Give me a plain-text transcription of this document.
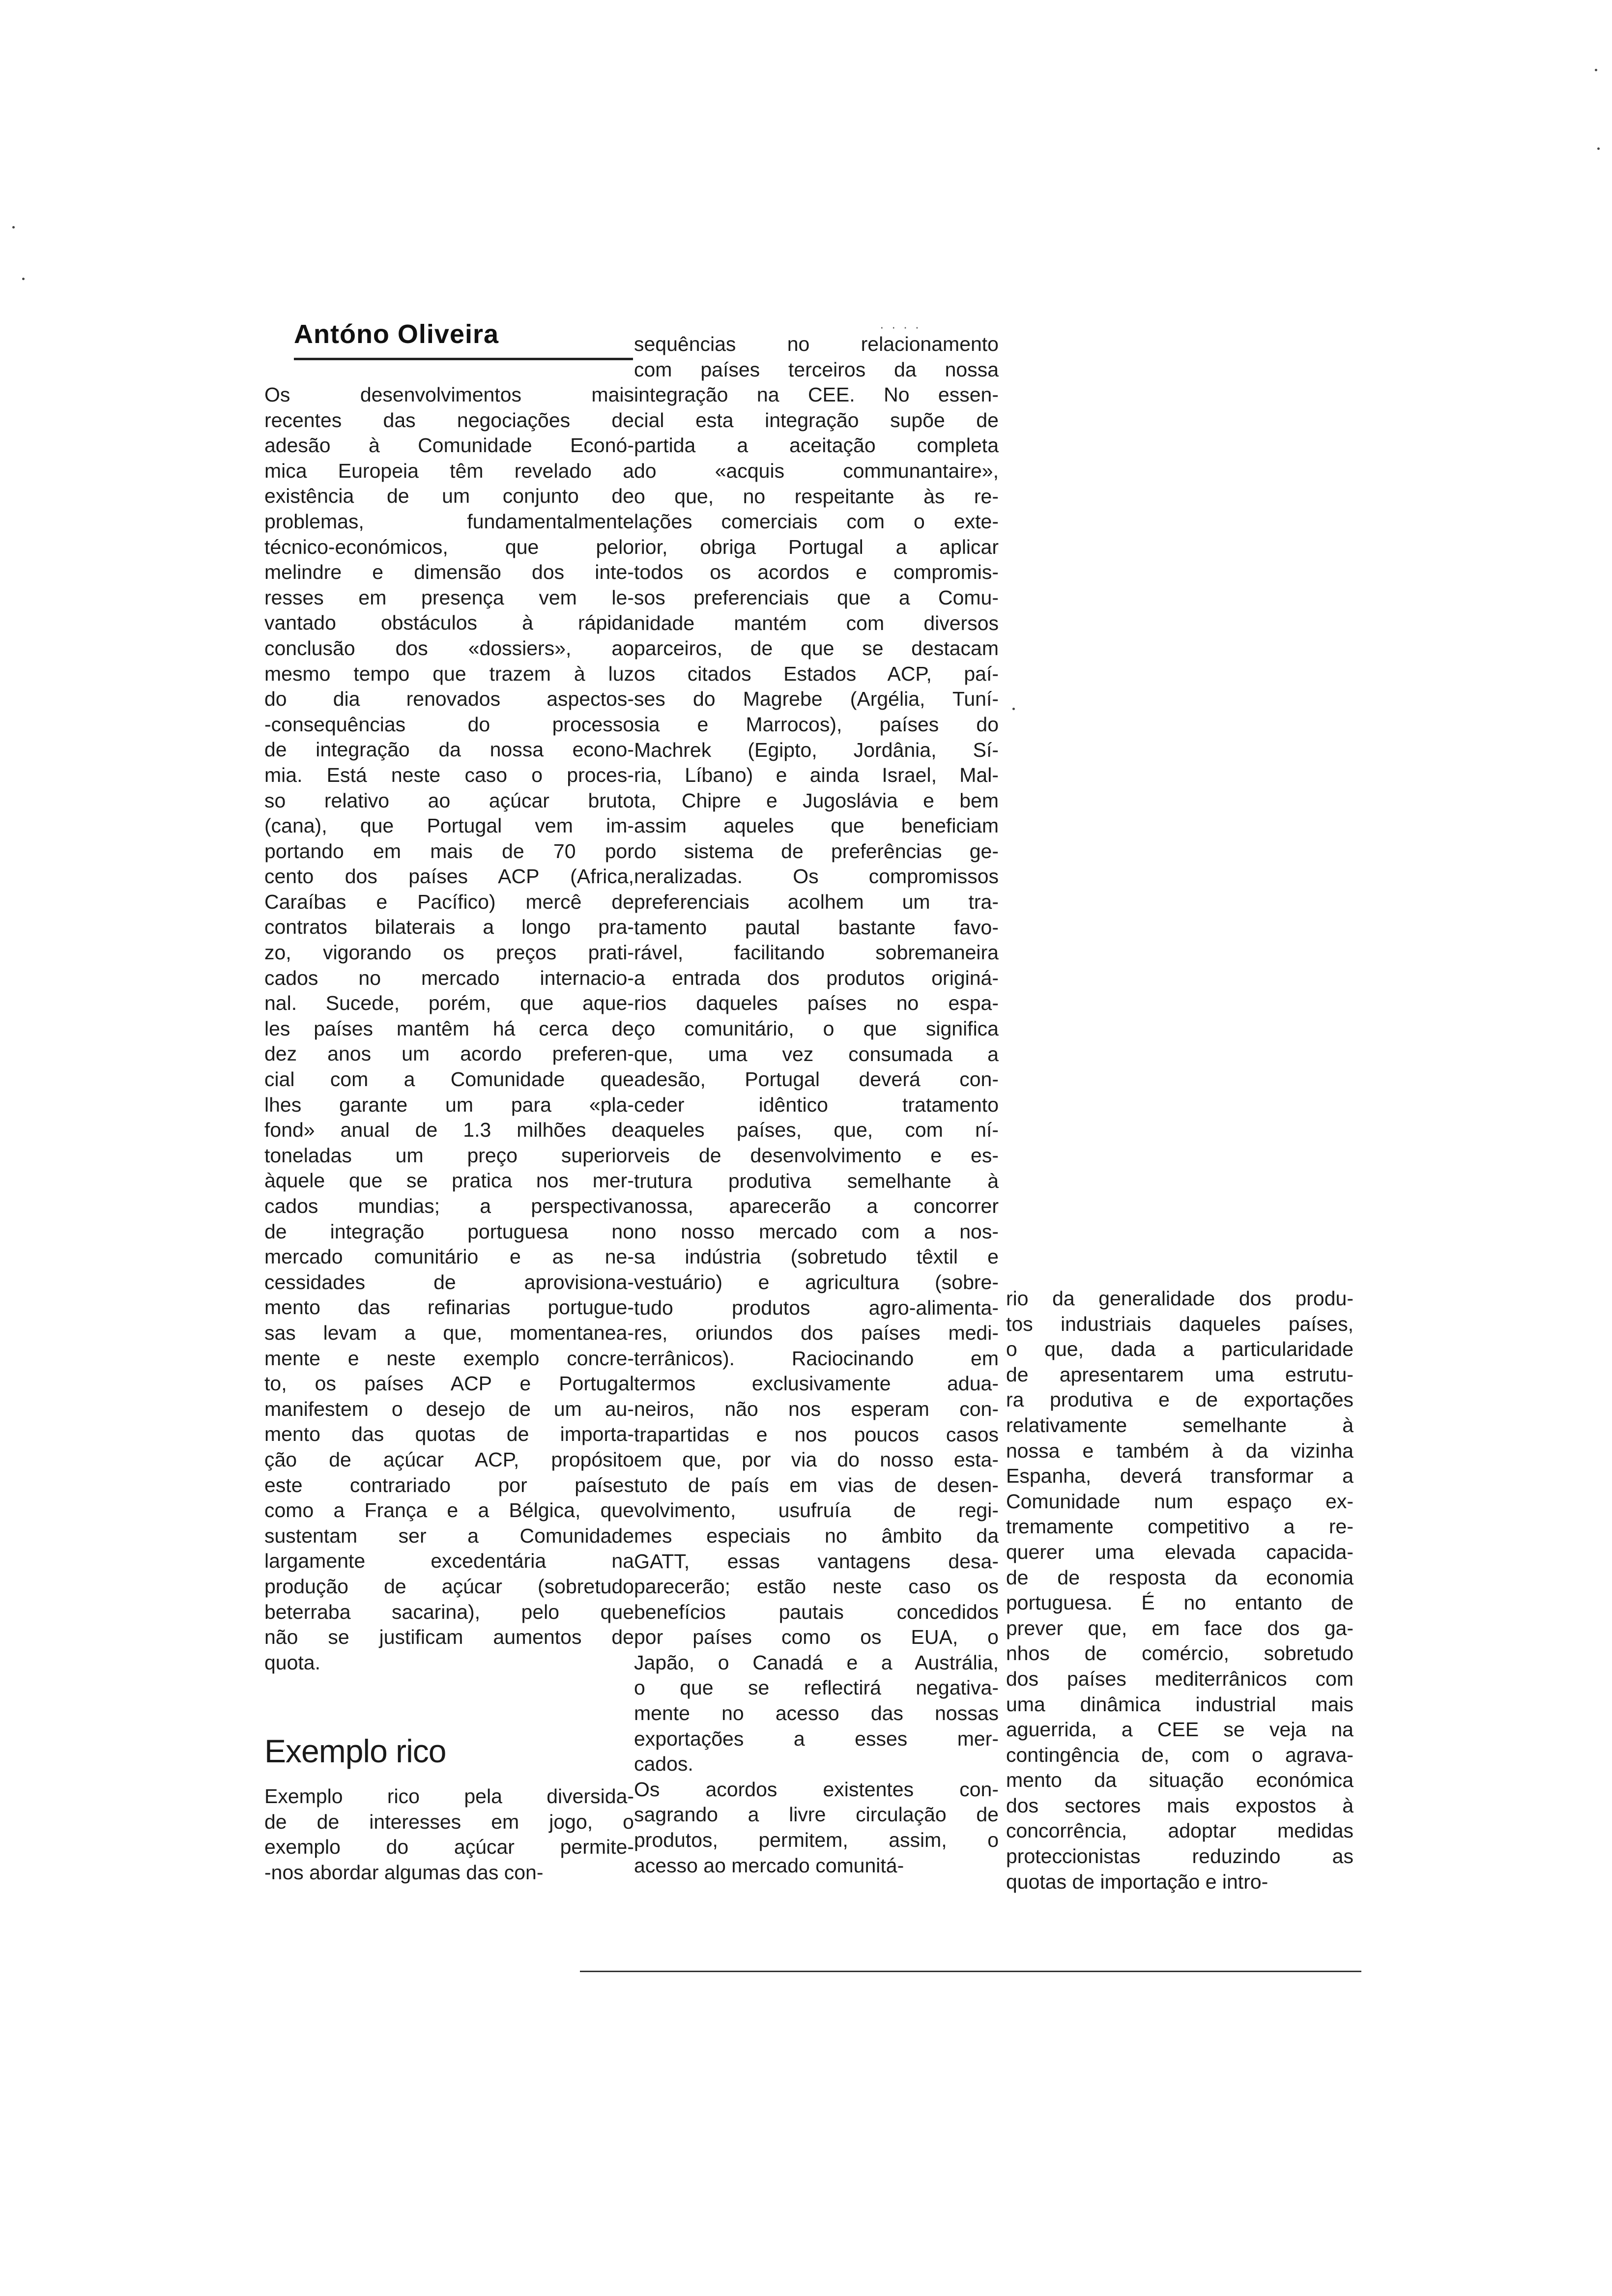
· · · ·
Antóno Oliveira
Os desenvolvimentos mais
recentes das negociações de
adesão à Comunidade Econó-
mica Europeia têm revelado a
existência de um conjunto de
problemas, fundamentalmente
técnico-económicos, que pelo
melindre e dimensão dos inte-
resses em presença vem le-
vantado obstáculos à rápida
conclusão dos «dossiers», ao
mesmo tempo que trazem à luz
do dia renovados aspectos-
-consequências do processo
de integração da nossa econo-
mia. Está neste caso o proces-
so relativo ao açúcar bruto
(cana), que Portugal vem im-
portando em mais de 70 por
cento dos países ACP (Africa,
Caraíbas e Pacífico) mercê de
contratos bilaterais a longo pra-
zo, vigorando os preços prati-
cados no mercado internacio-
nal. Sucede, porém, que aque-
les países mantêm há cerca de
dez anos um acordo preferen-
cial com a Comunidade que
lhes garante um para «pla-
fond» anual de 1.3 milhões de
toneladas um preço superior
àquele que se pratica nos mer-
cados mundias; a perspectiva
de integração portuguesa no
mercado comunitário e as ne-
cessidades de aprovisiona-
mento das refinarias portugue-
sas levam a que, momentanea-
mente e neste exemplo concre-
to, os países ACP e Portugal
manifestem o desejo de um au-
mento das quotas de importa-
ção de açúcar ACP, propósito
este contrariado por países
como a França e a Bélgica, que
sustentam ser a Comunidade
largamente excedentária na
produção de açúcar (sobretudo
beterraba sacarina), pelo que
não se justificam aumentos de
quota.
Exemplo rico
Exemplo rico pela diversida-
de de interesses em jogo, o
exemplo do açúcar permite-
-nos abordar algumas das con-
sequências no relacionamento
com países terceiros da nossa
integração na CEE. No essen-
cial esta integração supõe de
partida a aceitação completa
do «acquis communantaire»,
o que, no respeitante às re-
lações comerciais com o exte-
rior, obriga Portugal a aplicar
todos os acordos e compromis-
sos preferenciais que a Comu-
nidade mantém com diversos
parceiros, de que se destacam
os citados Estados ACP, paí-
ses do Magrebe (Argélia, Tuní-
sia e Marrocos), países do
Machrek (Egipto, Jordânia, Sí-
ria, Líbano) e ainda Israel, Mal-
ta, Chipre e Jugoslávia e bem
assim aqueles que beneficiam
do sistema de preferências ge-
neralizadas. Os compromissos
preferenciais acolhem um tra-
tamento pautal bastante favo-
rável, facilitando sobremaneira
a entrada dos produtos originá-
rios daqueles países no espa-
ço comunitário, o que significa
que, uma vez consumada a
adesão, Portugal deverá con-
ceder idêntico tratamento
aqueles países, que, com ní-
veis de desenvolvimento e es-
trutura produtiva semelhante à
nossa, aparecerão a concorrer
no nosso mercado com a nos-
sa indústria (sobretudo têxtil e
vestuário) e agricultura (sobre-
tudo produtos agro-alimenta-
res, oriundos dos países medi-
terrânicos). Raciocinando em
termos exclusivamente adua-
neiros, não nos esperam con-
trapartidas e nos poucos casos
em que, por via do nosso esta-
tuto de país em vias de desen-
volvimento, usufruía de regi-
mes especiais no âmbito da
GATT, essas vantagens desa-
parecerão; estão neste caso os
benefícios pautais concedidos
por países como os EUA, o
Japão, o Canadá e a Austrália,
o que se reflectirá negativa-
mente no acesso das nossas
exportações a esses mer-
cados.
Os acordos existentes con-
sagrando a livre circulação de
produtos, permitem, assim, o
acesso ao mercado comunitá-
rio da generalidade dos produ-
tos industriais daqueles países,
o que, dada a particularidade
de apresentarem uma estrutu-
ra produtiva e de exportações
relativamente semelhante à
nossa e também à da vizinha
Espanha, deverá transformar a
Comunidade num espaço ex-
tremamente competitivo a re-
querer uma elevada capacida-
de de resposta da economia
portuguesa. É no entanto de
prever que, em face dos ga-
nhos de comércio, sobretudo
dos países mediterrânicos com
uma dinâmica industrial mais
aguerrida, a CEE se veja na
contingência de, com o agrava-
mento da situação económica
dos sectores mais expostos à
concorrência, adoptar medidas
proteccionistas reduzindo as
quotas de importação e intro-
